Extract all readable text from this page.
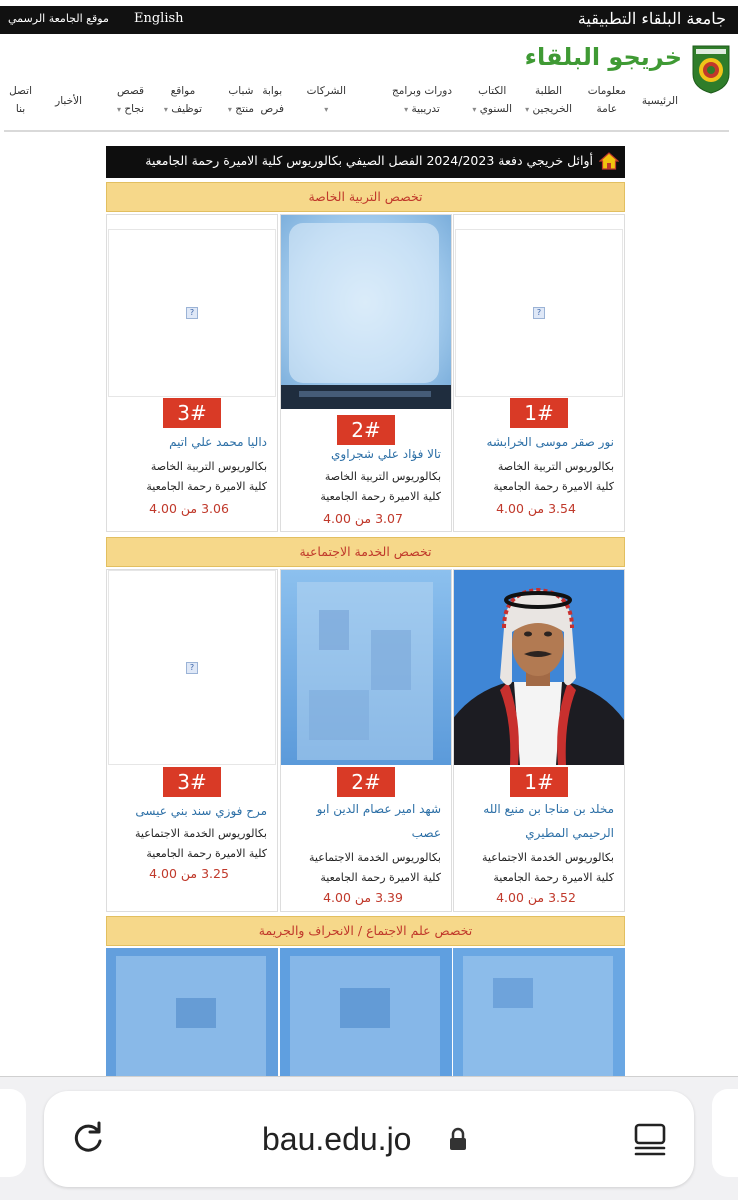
موقع الجامعة الرسمي English	جامعة البلقاء التطبيقية
خريجو البلقاء
الرئيسية
معلومات
عامة
الطلبة
▾ الخريجين
الكتاب
▾ السنوي
دورات وبرامج
▾ تدريبية
الشركات
▾
بوابة
فرص
شباب
▾ منتج
مواقع
▾ توظيف
قصص
▾ نجاح
الأخبار
اتصل
بنا
أوائل خريجي دفعة 2024/2023 الفصل الصيفي بكالوريوس كلية الاميرة رحمة الجامعية
تخصص التربية الخاصة
?
1#
نور صقر موسى الخرابشه
بكالوريوس التربية الخاصة
كلية الاميرة رحمة الجامعية
3.54 من 4.00
2#
تالا فؤاد علي شجراوي
بكالوريوس التربية الخاصة
كلية الاميرة رحمة الجامعية
3.07 من 4.00
?
3#
داليا محمد علي اتيم
بكالوريوس التربية الخاصة
كلية الاميرة رحمة الجامعية
3.06 من 4.00
تخصص الخدمة الاجتماعية
1#
مخلد بن مناجا بن منيع الله
الرحيمي المطيري
بكالوريوس الخدمة الاجتماعية
كلية الاميرة رحمة الجامعية
3.52 من 4.00
2#
شهد امير عصام الدين ابو
عصب
بكالوريوس الخدمة الاجتماعية
كلية الاميرة رحمة الجامعية
3.39 من 4.00
?
3#
مرح فوزي سند بني عيسى
بكالوريوس الخدمة الاجتماعية
كلية الاميرة رحمة الجامعية
3.25 من 4.00
تخصص علم الاجتماع / الانحراف والجريمة
bau.edu.jo
